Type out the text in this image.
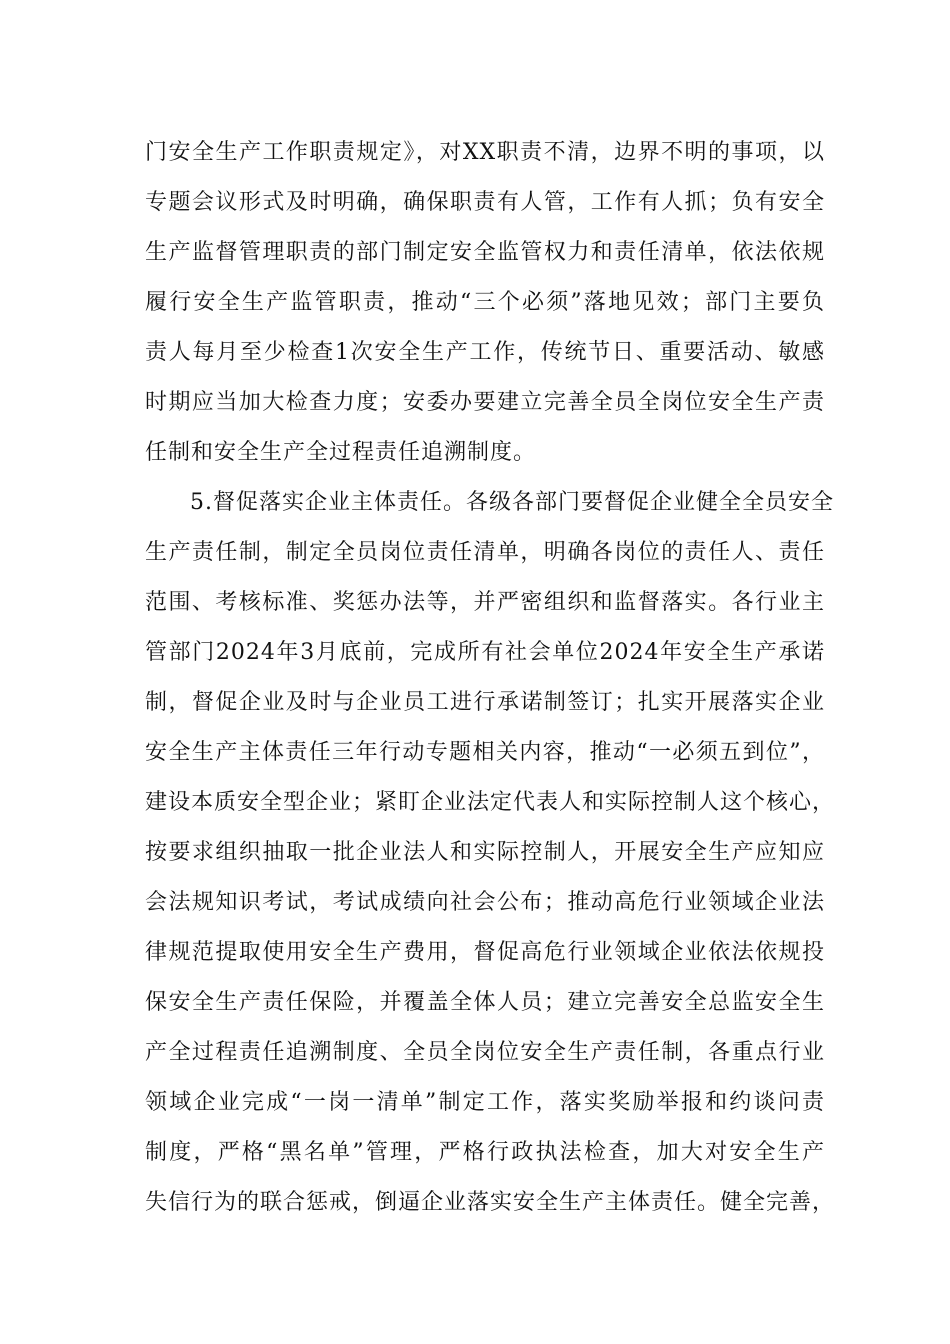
门安全生产工作职责规定》，对XX职责不清，边界不明的事项，以
专题会议形式及时明确，确保职责有人管，工作有人抓；负有安全
生产监督管理职责的部门制定安全监管权力和责任清单，依法依规
履行安全生产监管职责，推动“三个必须”落地见效；部门主要负
责人每月至少检查1次安全生产工作，传统节日、重要活动、敏感
时期应当加大检查力度；安委办要建立完善全员全岗位安全生产责
任制和安全生产全过程责任追溯制度。
5.督促落实企业主体责任。各级各部门要督促企业健全全员安全
生产责任制，制定全员岗位责任清单，明确各岗位的责任人、责任
范围、考核标准、奖惩办法等，并严密组织和监督落实。各行业主
管部门2024年3月底前，完成所有社会单位2024年安全生产承诺
制，督促企业及时与企业员工进行承诺制签订；扎实开展落实企业
安全生产主体责任三年行动专题相关内容，推动“一必须五到位”，
建设本质安全型企业；紧盯企业法定代表人和实际控制人这个核心，
按要求组织抽取一批企业法人和实际控制人，开展安全生产应知应
会法规知识考试，考试成绩向社会公布；推动高危行业领域企业法
律规范提取使用安全生产费用，督促高危行业领域企业依法依规投
保安全生产责任保险，并覆盖全体人员；建立完善安全总监安全生
产全过程责任追溯制度、全员全岗位安全生产责任制，各重点行业
领域企业完成“一岗一清单”制定工作，落实奖励举报和约谈问责
制度，严格“黑名单”管理，严格行政执法检查，加大对安全生产
失信行为的联合惩戒，倒逼企业落实安全生产主体责任。健全完善，
